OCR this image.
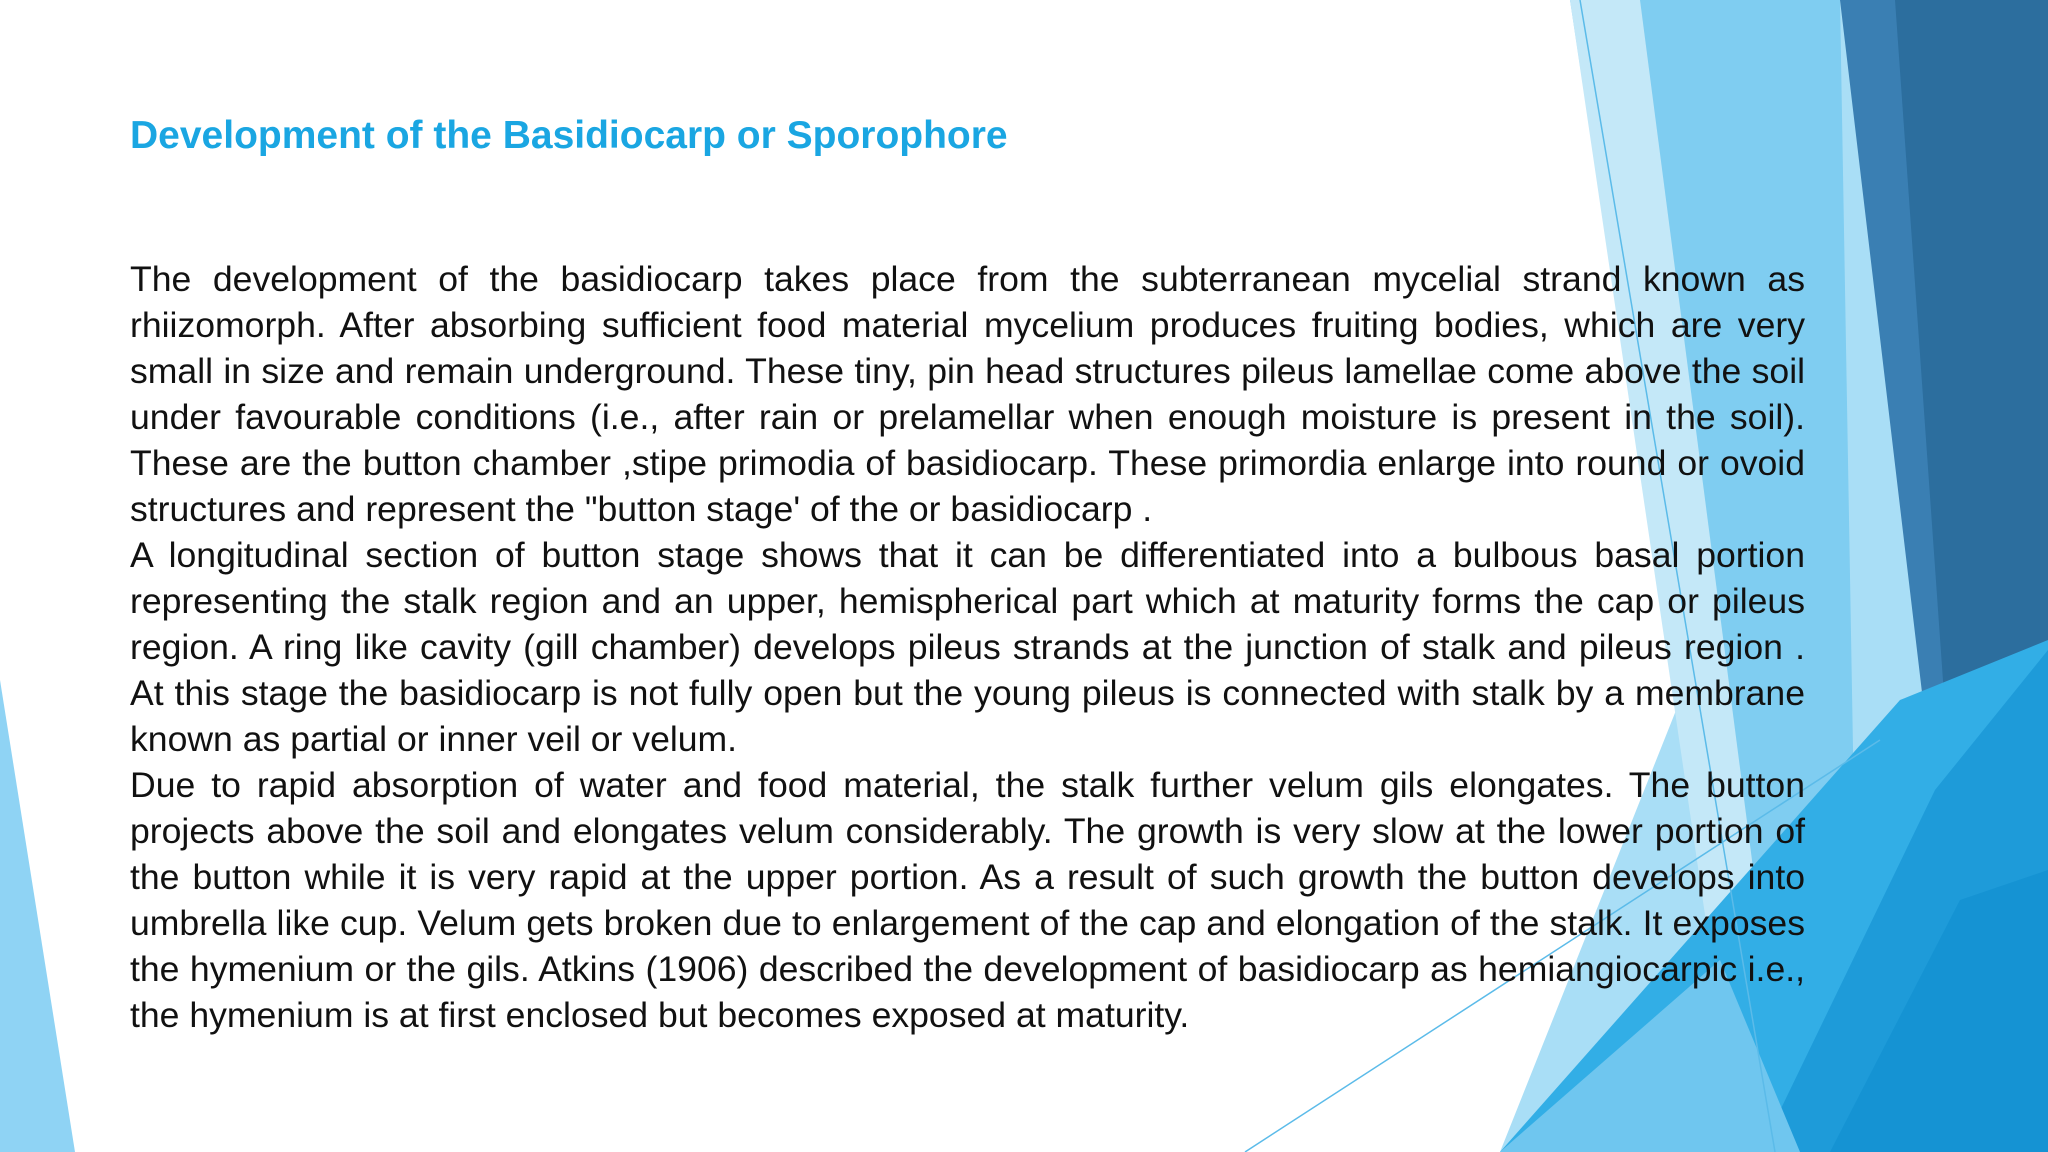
Development of the Basidiocarp or Sporophore

The development of the basidiocarp takes place from the subterranean mycelial strand known as rhiizomorph. After absorbing sufficient food material mycelium produces fruiting bodies, which are very small in size and remain underground. These tiny, pin head structures pileus lamellae come above the soil under favourable conditions (i.e., after rain or prelamellar when enough moisture is present in the soil). These are the button chamber ,stipe primodia of basidiocarp. These primordia enlarge into round or ovoid structures and represent the "button stage' of the or basidiocarp .

A longitudinal section of button stage shows that it can be differentiated into a bulbous basal portion representing the stalk region and an upper, hemispherical part which at maturity forms the cap or pileus region. A ring like cavity (gill chamber) develops pileus strands at the junction of stalk and pileus region . At this stage the basidiocarp is not fully open but the young pileus is connected with stalk by a membrane known as partial or inner veil or velum.

Due to rapid absorption of water and food material, the stalk further velum gils elongates. The button projects above the soil and elongates velum considerably. The growth is very slow at the lower portion of the button while it is very rapid at the upper portion. As a result of such growth the button develops into umbrella like cup. Velum gets broken due to enlargement of the cap and elongation of the stalk. It exposes the hymenium or the gils. Atkins (1906) described the development of basidiocarp as hemiangiocarpic i.e., the hymenium is at first enclosed but becomes exposed at maturity.
